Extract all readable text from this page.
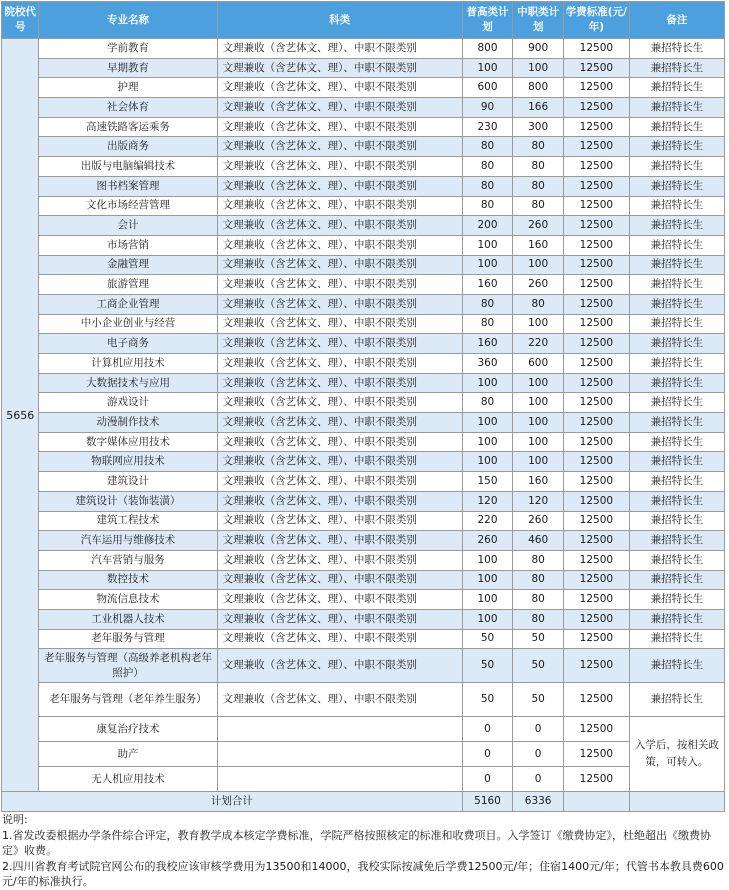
院校代号	专业名称	科类	普高类计划	中职类计划	学费标准(元/年)	备注
5656	学前教育	文理兼收（含艺体文、理）、中职不限类别	800	900	12500	兼招特长生
	早期教育	文理兼收（含艺体文、理）、中职不限类别	100	100	12500	兼招特长生
	护理	文理兼收（含艺体文、理）、中职不限类别	600	800	12500	兼招特长生
	社会体育	文理兼收（含艺体文、理）、中职不限类别	90	166	12500	兼招特长生
	高速铁路客运乘务	文理兼收（含艺体文、理）、中职不限类别	230	300	12500	兼招特长生
	出版商务	文理兼收（含艺体文、理）、中职不限类别	80	80	12500	兼招特长生
	出版与电脑编辑技术	文理兼收（含艺体文、理）、中职不限类别	80	80	12500	兼招特长生
	图书档案管理	文理兼收（含艺体文、理）、中职不限类别	80	80	12500	兼招特长生
	文化市场经营管理	文理兼收（含艺体文、理）、中职不限类别	80	80	12500	兼招特长生
	会计	文理兼收（含艺体文、理）、中职不限类别	200	260	12500	兼招特长生
	市场营销	文理兼收（含艺体文、理）、中职不限类别	100	160	12500	兼招特长生
	金融管理	文理兼收（含艺体文、理）、中职不限类别	100	100	12500	兼招特长生
	旅游管理	文理兼收（含艺体文、理）、中职不限类别	160	260	12500	兼招特长生
	工商企业管理	文理兼收（含艺体文、理）、中职不限类别	80	80	12500	兼招特长生
	中小企业创业与经营	文理兼收（含艺体文、理）、中职不限类别	80	100	12500	兼招特长生
	电子商务	文理兼收（含艺体文、理）、中职不限类别	160	220	12500	兼招特长生
	计算机应用技术	文理兼收（含艺体文、理）、中职不限类别	360	600	12500	兼招特长生
	大数据技术与应用	文理兼收（含艺体文、理）、中职不限类别	100	100	12500	兼招特长生
	游戏设计	文理兼收（含艺体文、理）、中职不限类别	80	100	12500	兼招特长生
	动漫制作技术	文理兼收（含艺体文、理）、中职不限类别	100	100	12500	兼招特长生
	数字媒体应用技术	文理兼收（含艺体文、理）、中职不限类别	100	100	12500	兼招特长生
	物联网应用技术	文理兼收（含艺体文、理）、中职不限类别	100	100	12500	兼招特长生
	建筑设计	文理兼收（含艺体文、理）、中职不限类别	150	160	12500	兼招特长生
	建筑设计（装饰装潢）	文理兼收（含艺体文、理）、中职不限类别	120	120	12500	兼招特长生
	建筑工程技术	文理兼收（含艺体文、理）、中职不限类别	220	260	12500	兼招特长生
	汽车运用与维修技术	文理兼收（含艺体文、理）、中职不限类别	260	460	12500	兼招特长生
	汽车营销与服务	文理兼收（含艺体文、理）、中职不限类别	100	80	12500	兼招特长生
	数控技术	文理兼收（含艺体文、理）、中职不限类别	100	80	12500	兼招特长生
	物流信息技术	文理兼收（含艺体文、理）、中职不限类别	100	80	12500	兼招特长生
	工业机器人技术	文理兼收（含艺体文、理）、中职不限类别	100	80	12500	兼招特长生
	老年服务与管理	文理兼收（含艺体文、理）、中职不限类别	50	50	12500	兼招特长生
	老年服务与管理（高级养老机构老年照护）	文理兼收（含艺体文、理）、中职不限类别	50	50	12500	兼招特长生
	老年服务与管理（老年养生服务）	文理兼收（含艺体文、理）、中职不限类别	50	50	12500	兼招特长生
	康复治疗技术		0	0	12500	入学后，按相关政策，可转入。
	助产		0	0	12500	
	无人机应用技术		0	0	12500	
计划合计			5160	6336		

说明:

1.省发改委根据办学条件综合评定，教育教学成本核定学费标准，学院严格按照核定的标准和收费项目。入学签订《缴费协定》，杜绝超出《缴费协定》收费。

2.四川省教育考试院官网公布的我校应该审核学费用为13500和14000，我校实际按减免后学费12500元/年；住宿1400元/年；代管书本教具费600元/年的标准执行。
